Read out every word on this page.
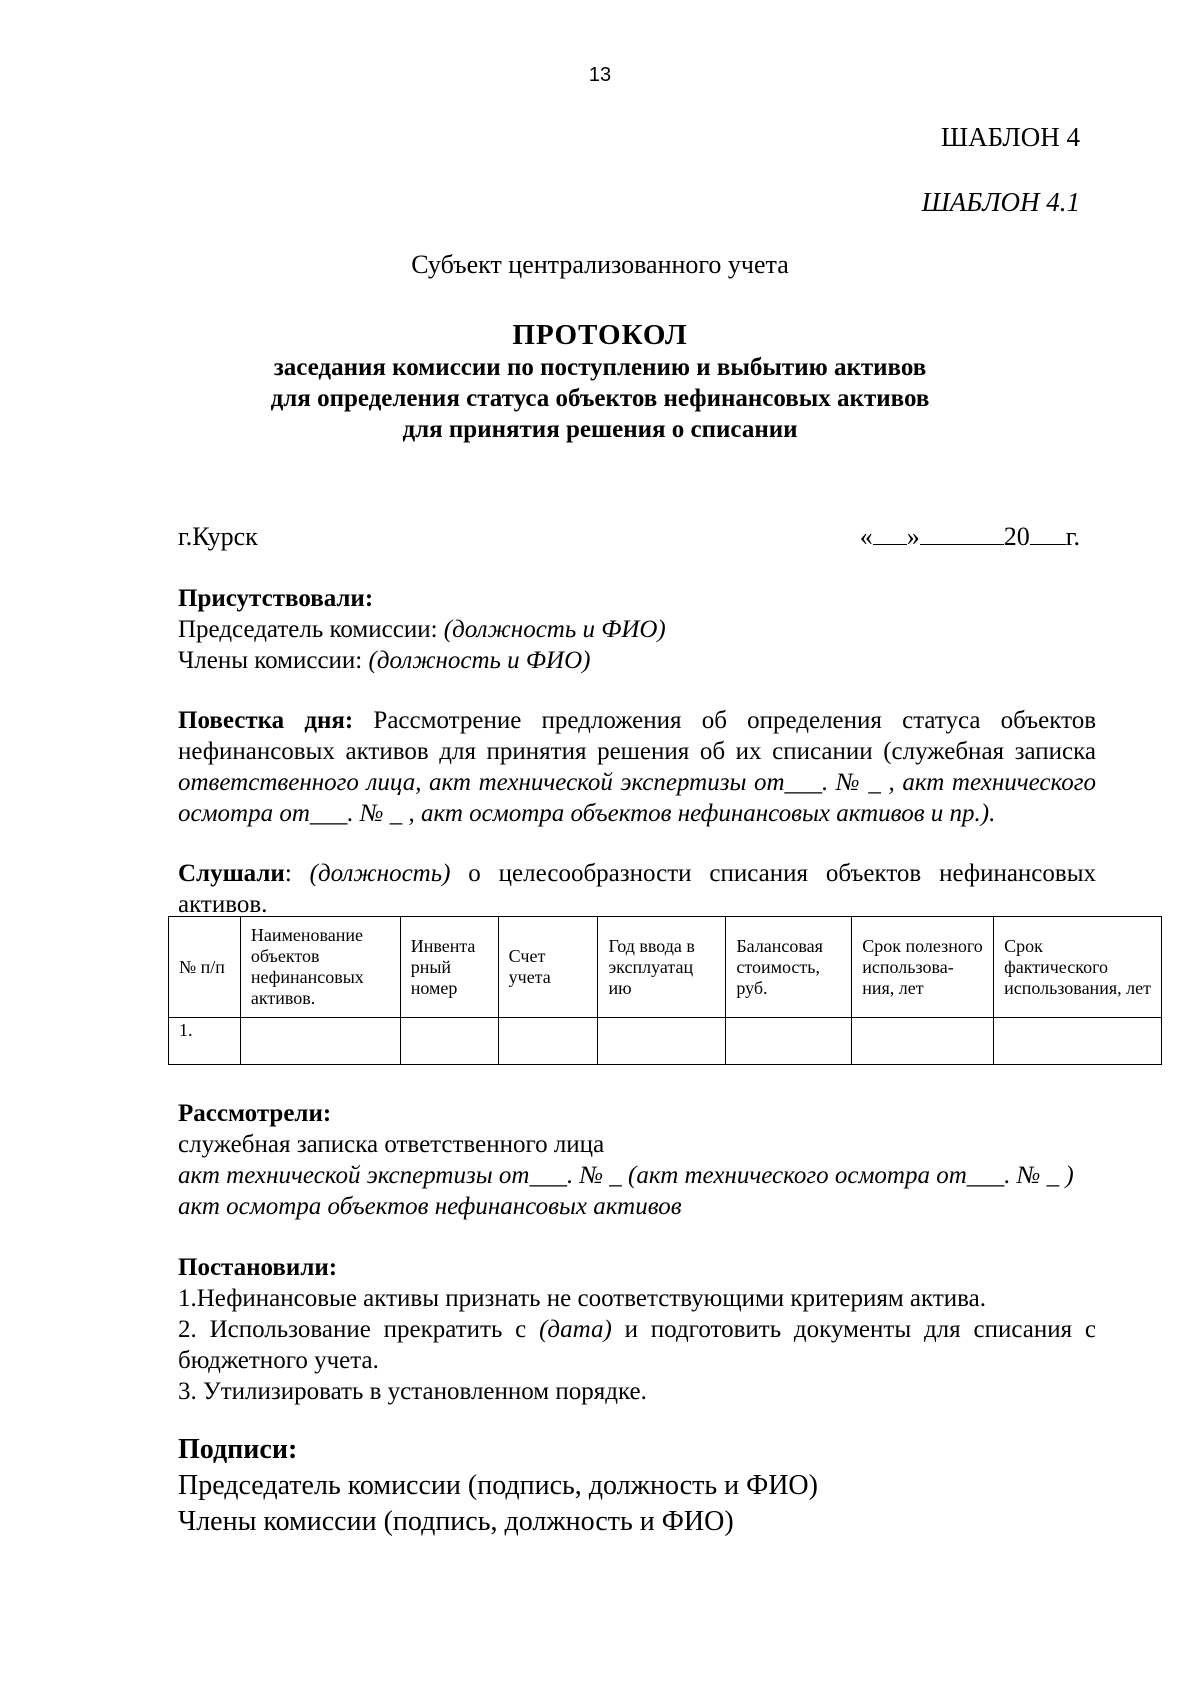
13
ШАБЛОН 4
ШАБЛОН 4.1
Субъект централизованного учета
ПРОТОКОЛ
заседания комиссии по поступлению и выбытию активов
для определения статуса объектов нефинансовых активов
для принятия решения о списании
г.Курск	« »	20 г.
Присутствовали:
Председатель комиссии: (должность и ФИО)
Члены комиссии: (должность и ФИО)
Повестка дня: Рассмотрение предложения об определения статуса объектов нефинансовых активов для принятия решения об их списании (служебная записка ответственного лица, акт технической экспертизы от___. № _ , акт технического осмотра от___. № _ , акт осмотра объектов нефинансовых активов и пр.).
Слушали: (должность) о целесообразности списания объектов нефинансовых активов.
№ п/п	Наименование объектов нефинансовых активов.	Инвента рный номер	Счет учета	Год ввода в эксплуатац ию	Балансовая стоимость, руб.	Срок полезного использова-ния, лет	Срок фактического использования, лет
1.							
Рассмотрели:
служебная записка ответственного лица
акт технической экспертизы от___. № _ (акт технического осмотра от___. № _ )
акт осмотра объектов нефинансовых активов
Постановили:
1.Нефинансовые активы признать не соответствующими критериям актива.
2. Использование прекратить с (дата) и подготовить документы для списания с бюджетного учета.
3. Утилизировать в установленном порядке.
Подписи:
Председатель комиссии (подпись, должность и ФИО)
Члены комиссии (подпись, должность и ФИО)
